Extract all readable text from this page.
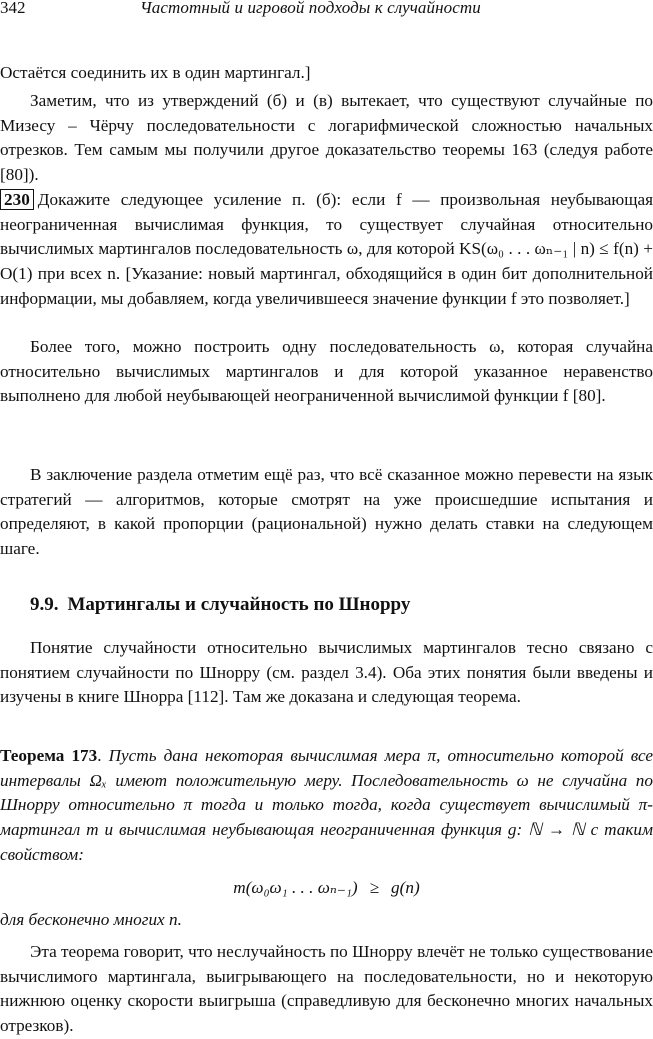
342	Частотный и игровой подходы к случайности

Остаётся соединить их в один мартингал.]

Заметим, что из утверждений (б) и (в) вытекает, что существуют случайные по Мизесу – Чёрчу последовательности с логарифмической сложностью начальных отрезков. Тем самым мы получили другое доказательство теоремы 163 (следуя работе [80]).

230 Докажите следующее усиление п. (б): если f — произвольная неубывающая неограниченная вычислимая функция, то существует случайная относительно вычислимых мартингалов последовательность ω, для которой KS(ω₀ . . . ωₙ₋₁ | n) ≤ f(n) + O(1) при всех n. [Указание: новый мартингал, обходящийся в один бит дополнительной информации, мы добавляем, когда увеличившееся значение функции f это позволяет.]

Более того, можно построить одну последовательность ω, которая случайна относительно вычислимых мартингалов и для которой указанное неравенство выполнено для любой неубывающей неограниченной вычислимой функции f [80].

В заключение раздела отметим ещё раз, что всё сказанное можно перевести на язык стратегий — алгоритмов, которые смотрят на уже происшедшие испытания и определяют, в какой пропорции (рациональной) нужно делать ставки на следующем шаге.

9.9. Мартингалы и случайность по Шнорру

Понятие случайности относительно вычислимых мартингалов тесно связано с понятием случайности по Шнорру (см. раздел 3.4). Оба этих понятия были введены и изучены в книге Шнорра [112]. Там же доказана и следующая теорема.

Теорема 173. Пусть дана некоторая вычислимая мера π, относительно которой все интервалы Ωₓ имеют положительную меру. Последовательность ω не случайна по Шнорру относительно π тогда и только тогда, когда существует вычислимый π-мартингал m и вычислимая неубывающая неограниченная функция g: ℕ → ℕ с таким свойством:

m(ω₀ω₁ . . . ωₙ₋₁) ≥ g(n)

для бесконечно многих n.

Эта теорема говорит, что неслучайность по Шнорру влечёт не только существование вычислимого мартингала, выигрывающего на последовательности, но и некоторую нижнюю оценку скорости выигрыша (справедливую для бесконечно многих начальных отрезков).
